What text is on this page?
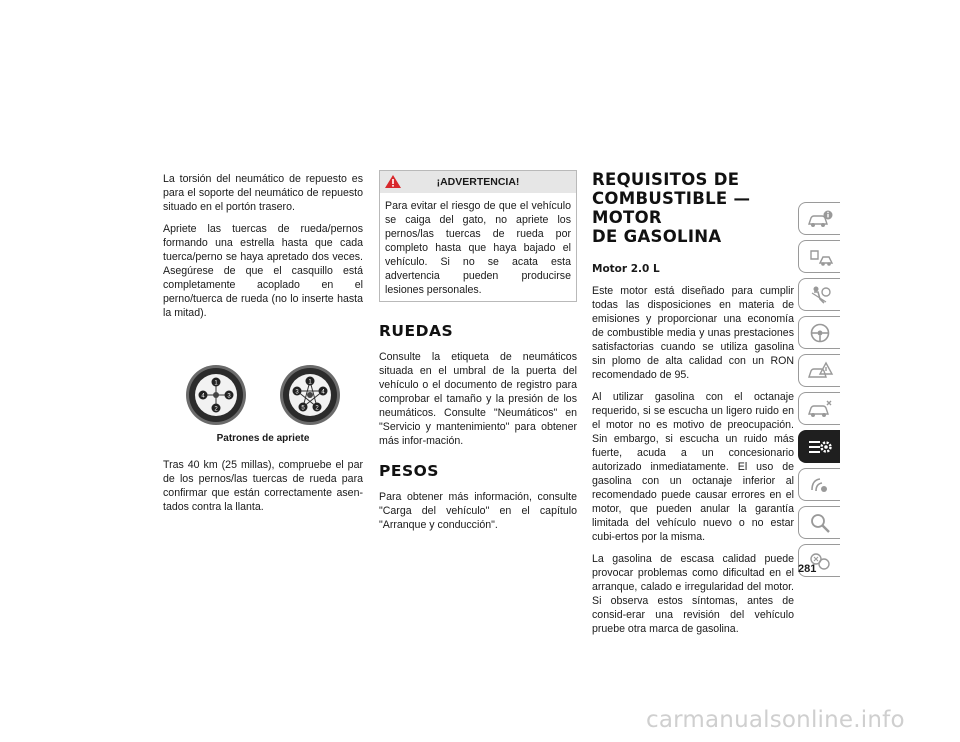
La torsión del neumático de repuesto es para el soporte del neumático de repuesto situado en el portón trasero.

Apriete las tuercas de rueda/pernos formando una estrella hasta que cada tuerca/perno se haya apretado dos veces. Asegúrese de que el casquillo está completamente acoplado en el perno/tuerca de rueda (no lo inserte hasta la mitad).

1
2
3
4
1
2
3	4
5
Patrones de apriete

Tras 40 km (25 millas), compruebe el par de los pernos/las tuercas de rueda para confirmar que están correctamente asen-tados contra la llanta.

¡ADVERTENCIA!

Para evitar el riesgo de que el vehículo se caiga del gato, no apriete los pernos/las tuercas de rueda por completo hasta que haya bajado el vehículo. Si no se acata esta advertencia pueden producirse lesiones personales.

RUEDAS

Consulte la etiqueta de neumáticos situada en el umbral de la puerta del vehículo o el documento de registro para comprobar el tamaño y la presión de los neumáticos. Consulte "Neumáticos" en "Servicio y mantenimiento" para obtener más infor-mación.

PESOS

Para obtener más información, consulte "Carga del vehículo" en el capítulo "Arranque y conducción".

REQUISITOS DE
COMBUSTIBLE — MOTOR
DE GASOLINA
Motor 2.0 L

Este motor está diseñado para cumplir todas las disposiciones en materia de emisiones y proporcionar una economía de combustible media y unas prestaciones satisfactorias cuando se utiliza gasolina sin plomo de alta calidad con un RON recomendado de 95.

Al utilizar gasolina con el octanaje requerido, si se escucha un ligero ruido en el motor no es motivo de preocupación. Sin embargo, si escucha un ruido más fuerte, acuda a un concesionario autorizado inmediatamente. El uso de gasolina con un octanaje inferior al recomendado puede causar errores en el motor, que pueden anular la garantía limitada del vehículo nuevo o no estar cubi-ertos por la misma.

La gasolina de escasa calidad puede provocar problemas como dificultad en el arranque, calado e irregularidad del motor. Si observa estos síntomas, antes de consid-erar una revisión del vehículo pruebe otra marca de gasolina.

281
carmanualsonline.info
